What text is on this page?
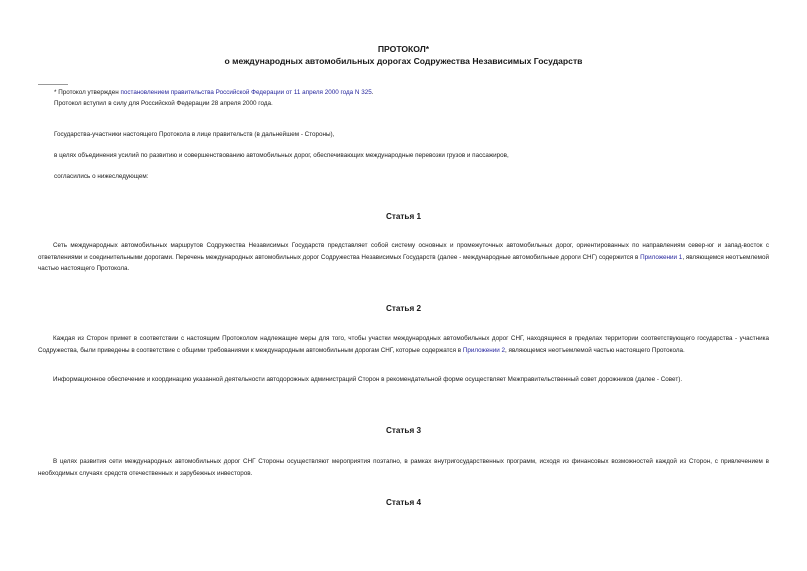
ПРОТОКОЛ*
о международных автомобильных дорогах Содружества Независимых Государств
* Протокол утвержден постановлением правительства Российской Федерации от 11 апреля 2000 года N 325.
Протокол вступил в силу для Российской Федерации 28 апреля 2000 года.
Государства-участники настоящего Протокола в лице правительств (в дальнейшем - Стороны),
в целях объединения усилий по развитию и совершенствованию автомобильных дорог, обеспечивающих международные перевозки грузов и пассажиров,
согласились о нижеследующем:
Статья 1
Сеть международных автомобильных маршрутов Содружества Независимых Государств представляет собой систему основных и промежуточных автомобильных дорог, ориентированных по направлениям север-юг и запад-восток с ответвлениями и соединительными дорогами. Перечень международных автомобильных дорог Содружества Независимых Государств (далее - международные автомобильные дороги СНГ) содержится в Приложении 1, являющемся неотъемлемой частью настоящего Протокола.
Статья 2
Каждая из Сторон примет в соответствии с настоящим Протоколом надлежащие меры для того, чтобы участки международных автомобильных дорог СНГ, находящиеся в пределах территории соответствующего государства - участника Содружества, были приведены в соответствие с общими требованиями к международным автомобильным дорогам СНГ, которые содержатся в Приложении 2, являющемся неотъемлемой частью настоящего Протокола.
Информационное обеспечение и координацию указанной деятельности автодорожных администраций Сторон в рекомендательной форме осуществляет Межправительственный совет дорожников (далее - Совет).
Статья 3
В целях развития сети международных автомобильных дорог СНГ Стороны осуществляют мероприятия поэтапно, в рамках внутригосударственных программ, исходя из финансовых возможностей каждой из Сторон, с привлечением в необходимых случаях средств отечественных и зарубежных инвесторов.
Статья 4
